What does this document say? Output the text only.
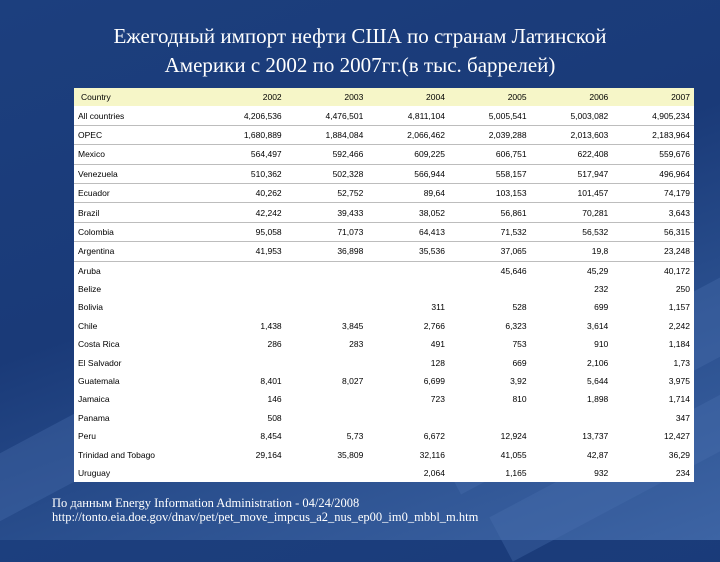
Ежегодный импорт нефти США по странам Латинской
Америки с 2002 по 2007гг.(в тыс. баррелей)
Country	2002	2003	2004	2005	2006	2007
All countries	4,206,536	4,476,501	4,811,104	5,005,541	5,003,082	4,905,234
OPEC	1,680,889	1,884,084	2,066,462	2,039,288	2,013,603	2,183,964
Mexico	564,497	592,466	609,225	606,751	622,408	559,676
Venezuela	510,362	502,328	566,944	558,157	517,947	496,964
Ecuador	40,262	52,752	89,64	103,153	101,457	74,179
Brazil	42,242	39,433	38,052	56,861	70,281	3,643
Colombia	95,058	71,073	64,413	71,532	56,532	56,315
Argentina	41,953	36,898	35,536	37,065	19,8	23,248
Aruba				45,646	45,29	40,172
Belize					232	250
Bolivia			311	528	699	1,157
Chile	1,438	3,845	2,766	6,323	3,614	2,242
Costa Rica	286	283	491	753	910	1,184
El Salvador			128	669	2,106	1,73
Guatemala	8,401	8,027	6,699	3,92	5,644	3,975
Jamaica	146		723	810	1,898	1,714
Panama	508					347
Peru	8,454	5,73	6,672	12,924	13,737	12,427
Trinidad and Tobago	29,164	35,809	32,116	41,055	42,87	36,29
Uruguay			2,064	1,165	932	234
По данным Energy Information Administration - 04/24/2008
http://tonto.eia.doe.gov/dnav/pet/pet_move_impcus_a2_nus_ep00_im0_mbbl_m.htm
